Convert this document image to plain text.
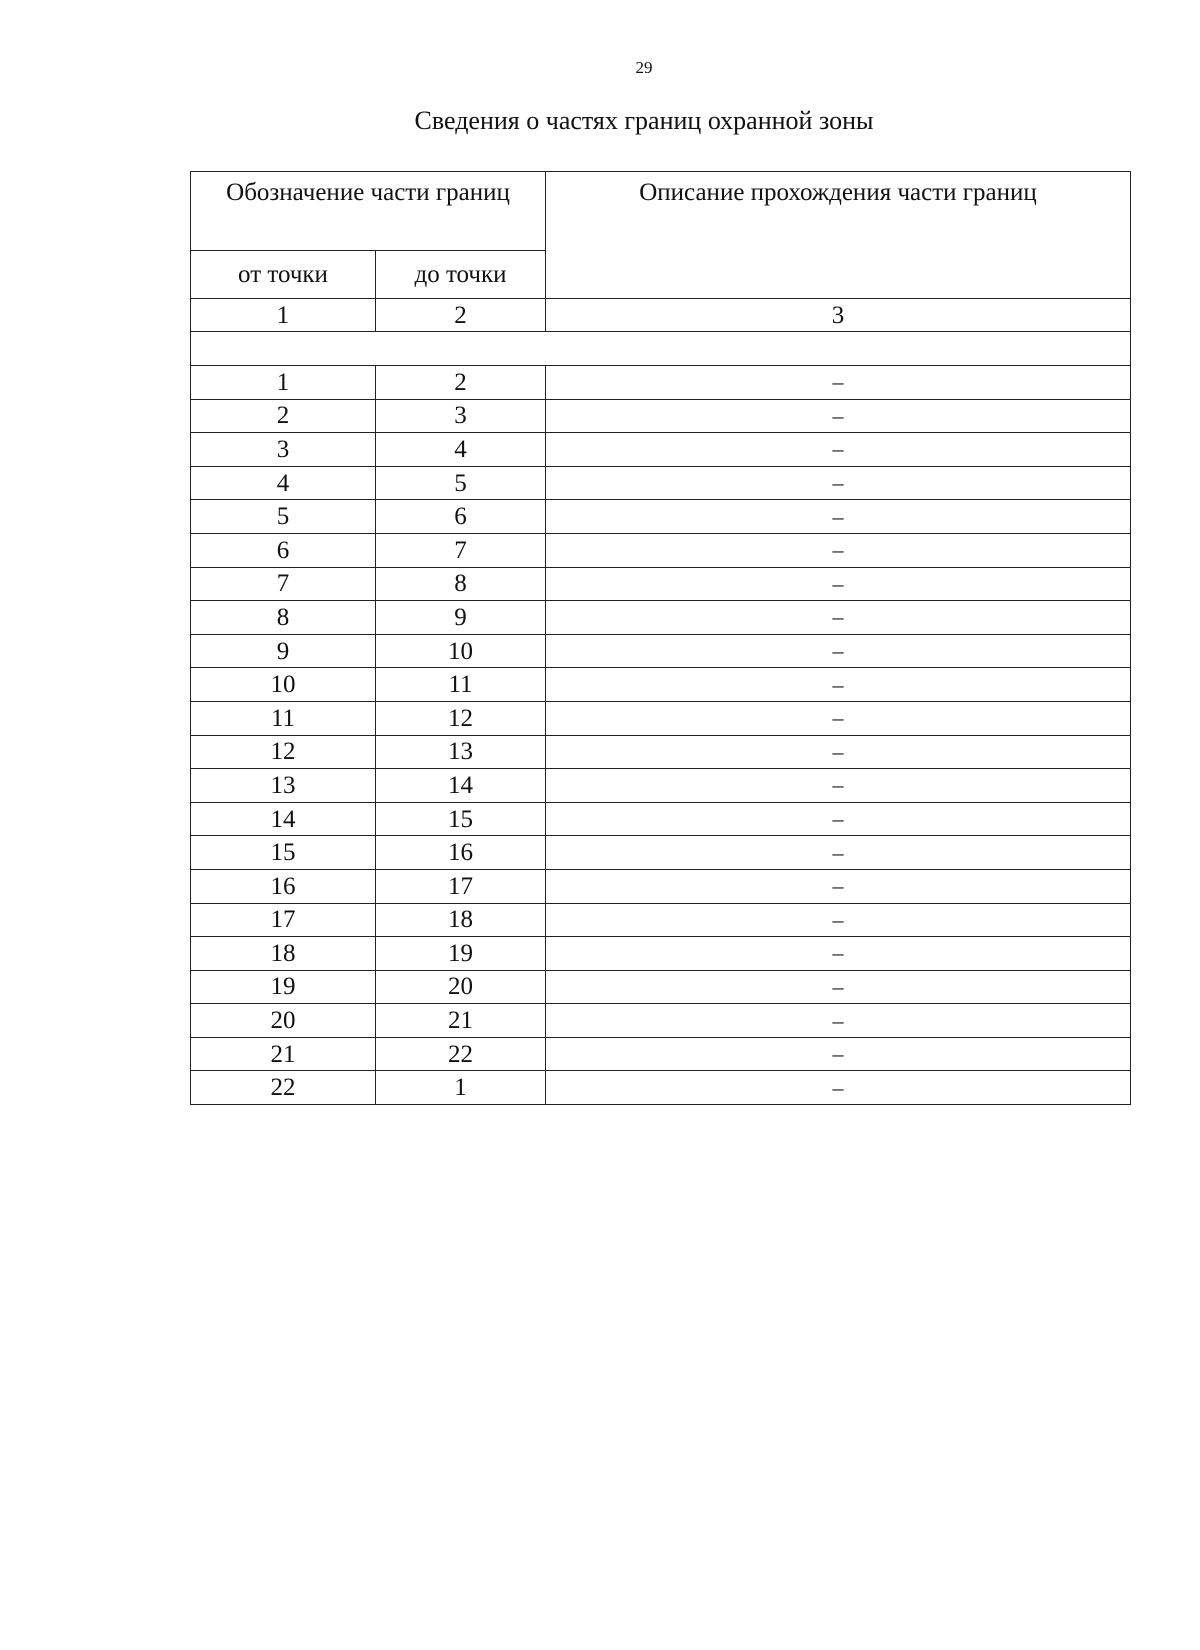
29
Сведения о частях границ охранной зоны
Обозначение части границ		Описание прохождения части границ
от точки	до точки	
1	2	3

1	2	–
2	3	–
3	4	–
4	5	–
5	6	–
6	7	–
7	8	–
8	9	–
9	10	–
10	11	–
11	12	–
12	13	–
13	14	–
14	15	–
15	16	–
16	17	–
17	18	–
18	19	–
19	20	–
20	21	–
21	22	–
22	1	–
